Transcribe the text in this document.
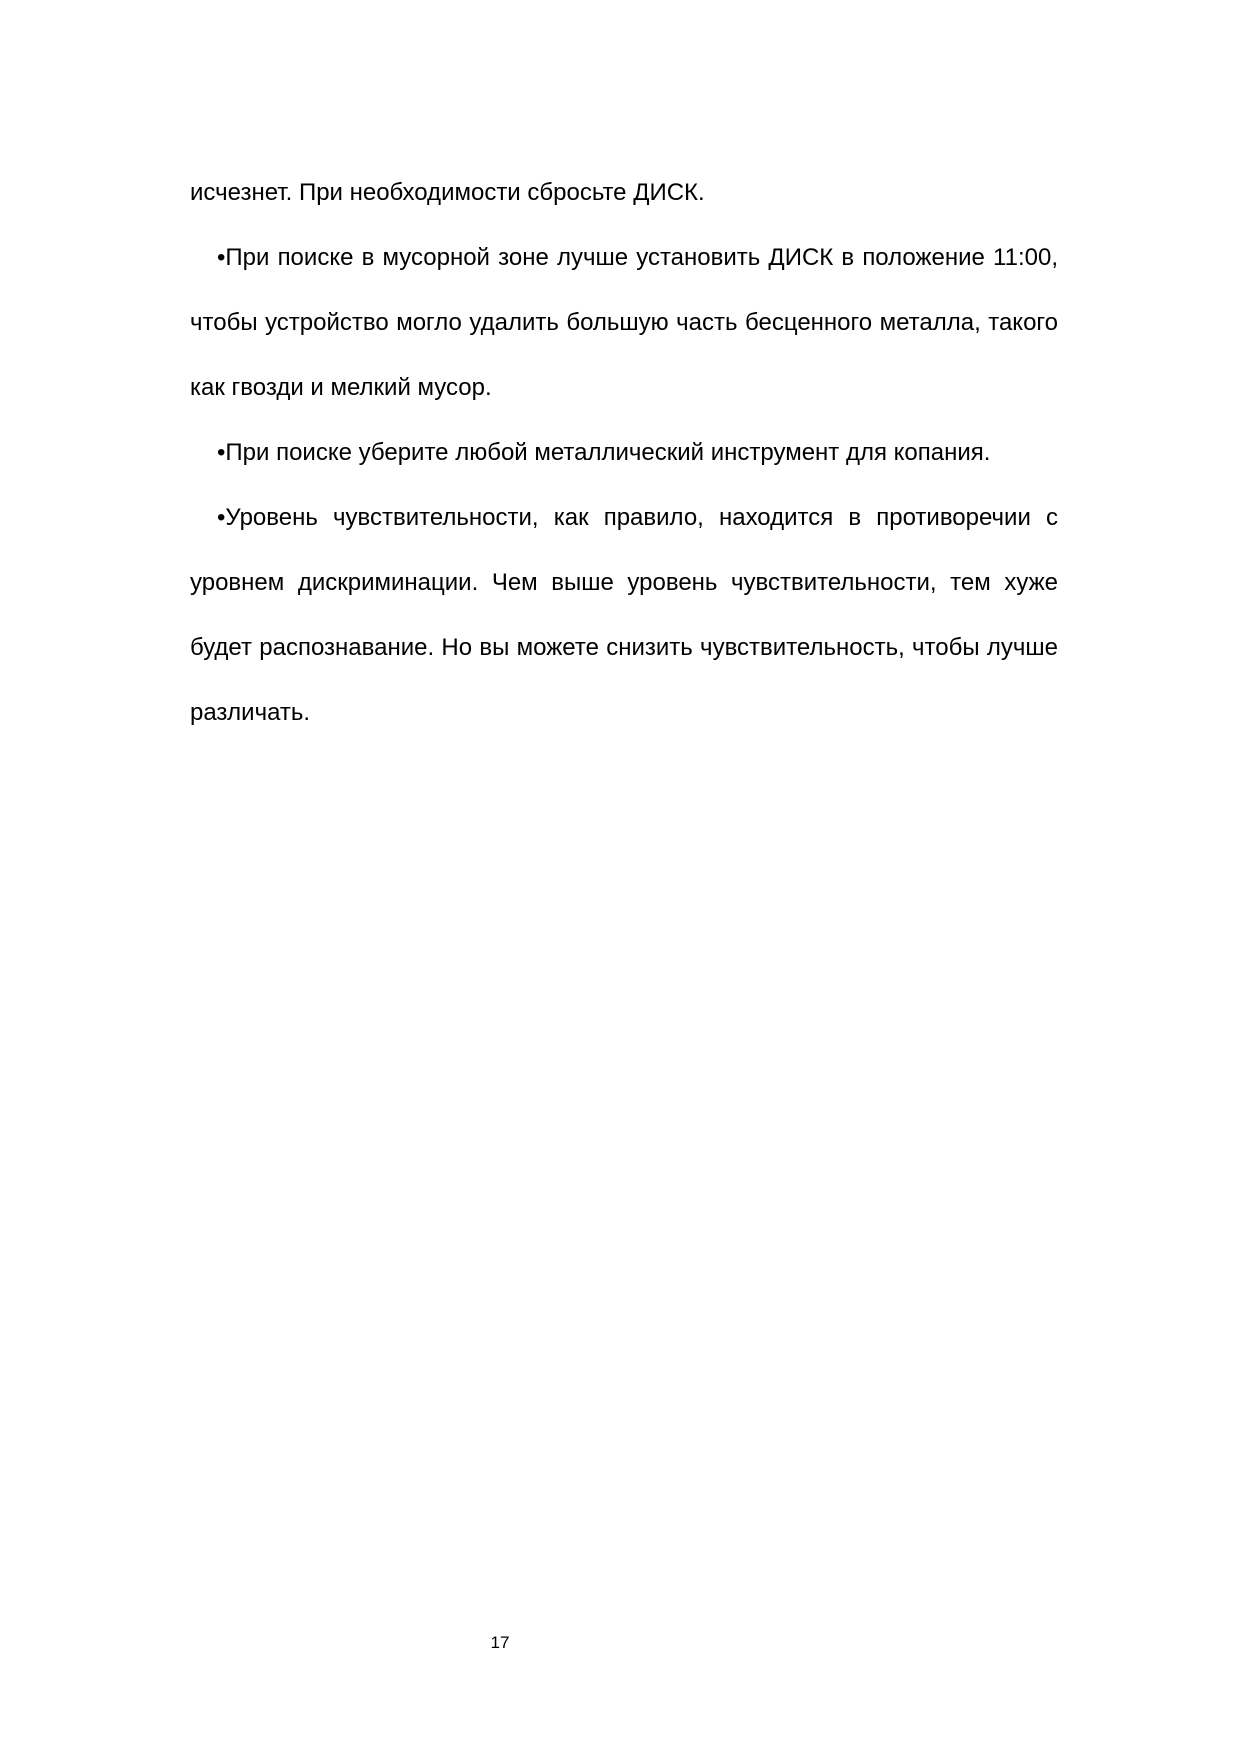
исчезнет. При необходимости сбросьте ДИСК.

•При поиске в мусорной зоне лучше установить ДИСК в положение 11:00, чтобы устройство могло удалить большую часть бесценного металла, такого как гвозди и мелкий мусор.

•При поиске уберите любой металлический инструмент для копания.

•Уровень чувствительности, как правило, находится в противоречии с уровнем дискриминации. Чем выше уровень чувствительности, тем хуже будет распознавание. Но вы можете снизить чувствительность, чтобы лучше различать.

17
